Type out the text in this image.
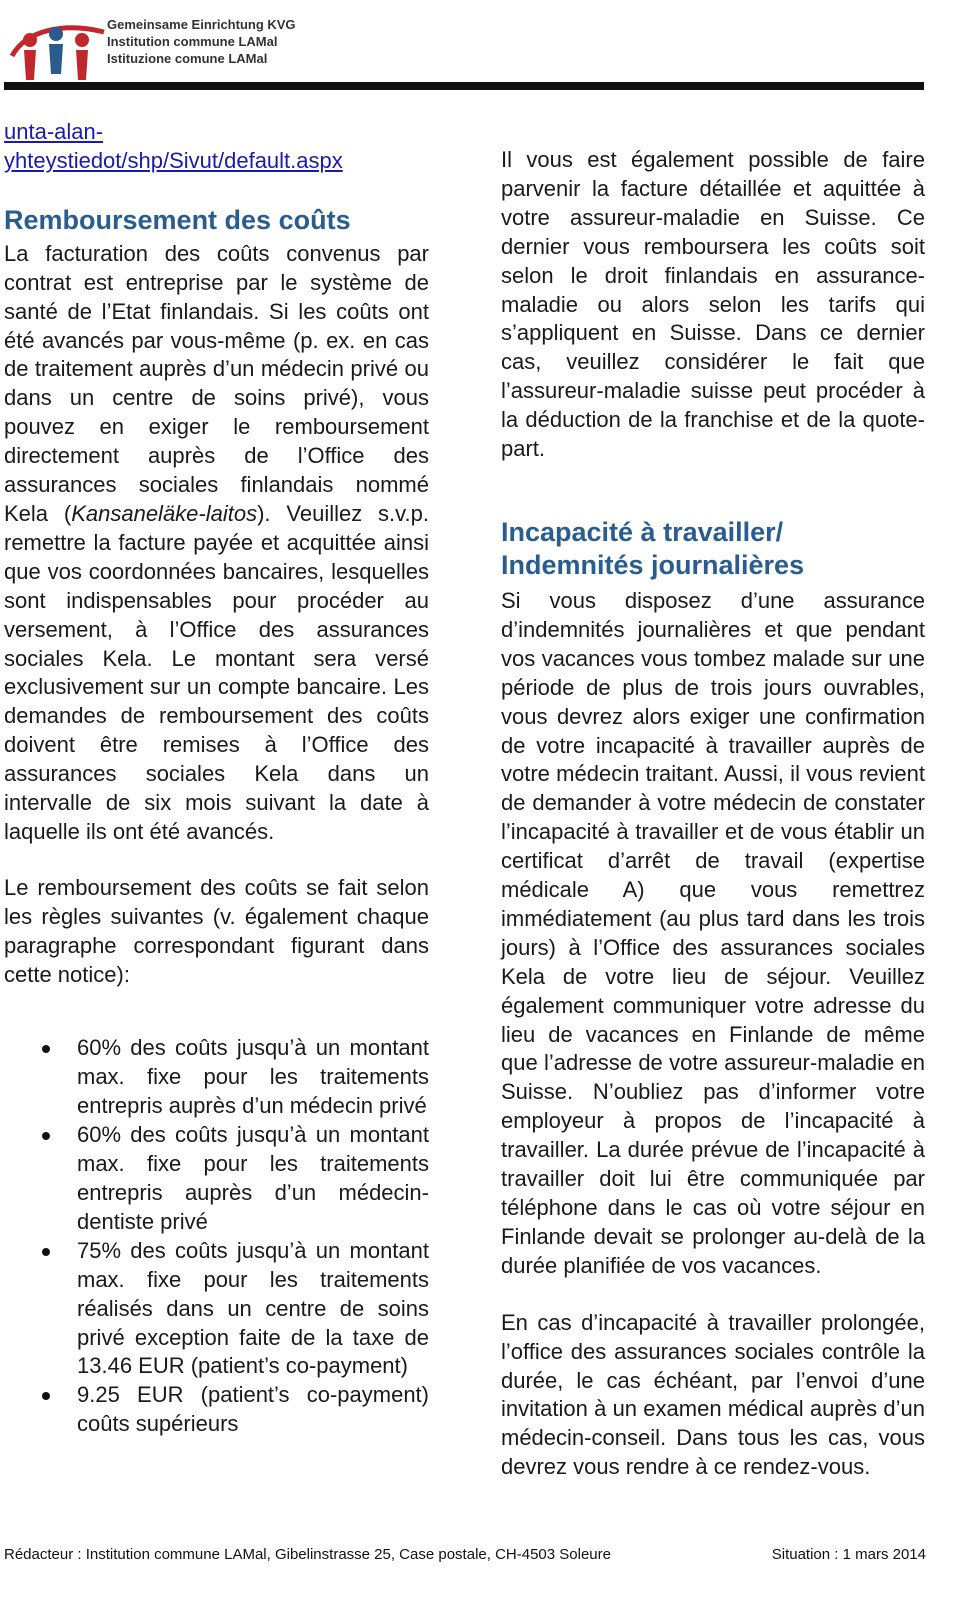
Gemeinsame Einrichtung KVG
Institution commune LAMal
Istituzione comune LAMal
unta-alan-
yhteystiedot/shp/Sivut/default.aspx
Remboursement des coûts

La facturation des coûts convenus par contrat est entreprise par le système de santé de l’Etat finlandais. Si les coûts ont été avancés par vous-même (p. ex. en cas de traitement auprès d’un médecin privé ou dans un centre de soins privé), vous pouvez en exiger le remboursement directement auprès de l’Office des assurances sociales finlandais nommé Kela (Kansaneläke-laitos). Veuillez s.v.p. remettre la facture payée et acquittée ainsi que vos coordonnées bancaires, lesquelles sont indispensables pour procéder au versement, à l’Office des assurances sociales Kela. Le montant sera versé exclusivement sur un compte bancaire. Les demandes de remboursement des coûts doivent être remises à l’Office des assurances sociales Kela dans un intervalle de six mois suivant la date à laquelle ils ont été avancés.

Le remboursement des coûts se fait selon les règles suivantes (v. également chaque paragraphe correspondant figurant dans cette notice):

60% des coûts jusqu’à un montant max. fixe pour les traitements entrepris auprès d’un médecin privé
60% des coûts jusqu’à un montant max. fixe pour les traitements entrepris auprès d’un médecin-dentiste privé
75% des coûts jusqu’à un montant max. fixe pour les traitements réalisés dans un centre de soins privé exception faite de la taxe de 13.46 EUR (patient’s co-payment)
9.25 EUR (patient’s co-payment) coûts supérieurs

Il vous est également possible de faire parvenir la facture détaillée et aquittée à votre assureur-maladie en Suisse. Ce dernier vous remboursera les coûts soit selon le droit finlandais en assurance-maladie ou alors selon les tarifs qui s’appliquent en Suisse. Dans ce dernier cas, veuillez considérer le fait que l’assureur-maladie suisse peut procéder à la déduction de la franchise et de la quote-part.

Incapacité à travailler/ Indemnités journalières

Si vous disposez d’une assurance d’indemnités journalières et que pendant vos vacances vous tombez malade sur une période de plus de trois jours ouvrables, vous devrez alors exiger une confirmation de votre incapacité à travailler auprès de votre médecin traitant. Aussi, il vous revient de demander à votre médecin de constater l’incapacité à travailler et de vous établir un certificat d’arrêt de travail (expertise médicale A) que vous remettrez immédiatement (au plus tard dans les trois jours) à l’Office des assurances sociales Kela de votre lieu de séjour. Veuillez également communiquer votre adresse du lieu de vacances en Finlande de même que l’adresse de votre assureur-maladie en Suisse. N’oubliez pas d’informer votre employeur à propos de l’incapacité à travailler. La durée prévue de l’incapacité à travailler doit lui être communiquée par téléphone dans le cas où votre séjour en Finlande devait se prolonger au-delà de la durée planifiée de vos vacances.

En cas d’incapacité à travailler prolongée, l’office des assurances sociales contrôle la durée, le cas échéant, par l’envoi d’une invitation à un examen médical auprès d’un médecin-conseil. Dans tous les cas, vous devrez vous rendre à ce rendez-vous.

Rédacteur : Institution commune LAMal, Gibelinstrasse 25, Case postale, CH-4503 Soleure	Situation : 1 mars 2014
